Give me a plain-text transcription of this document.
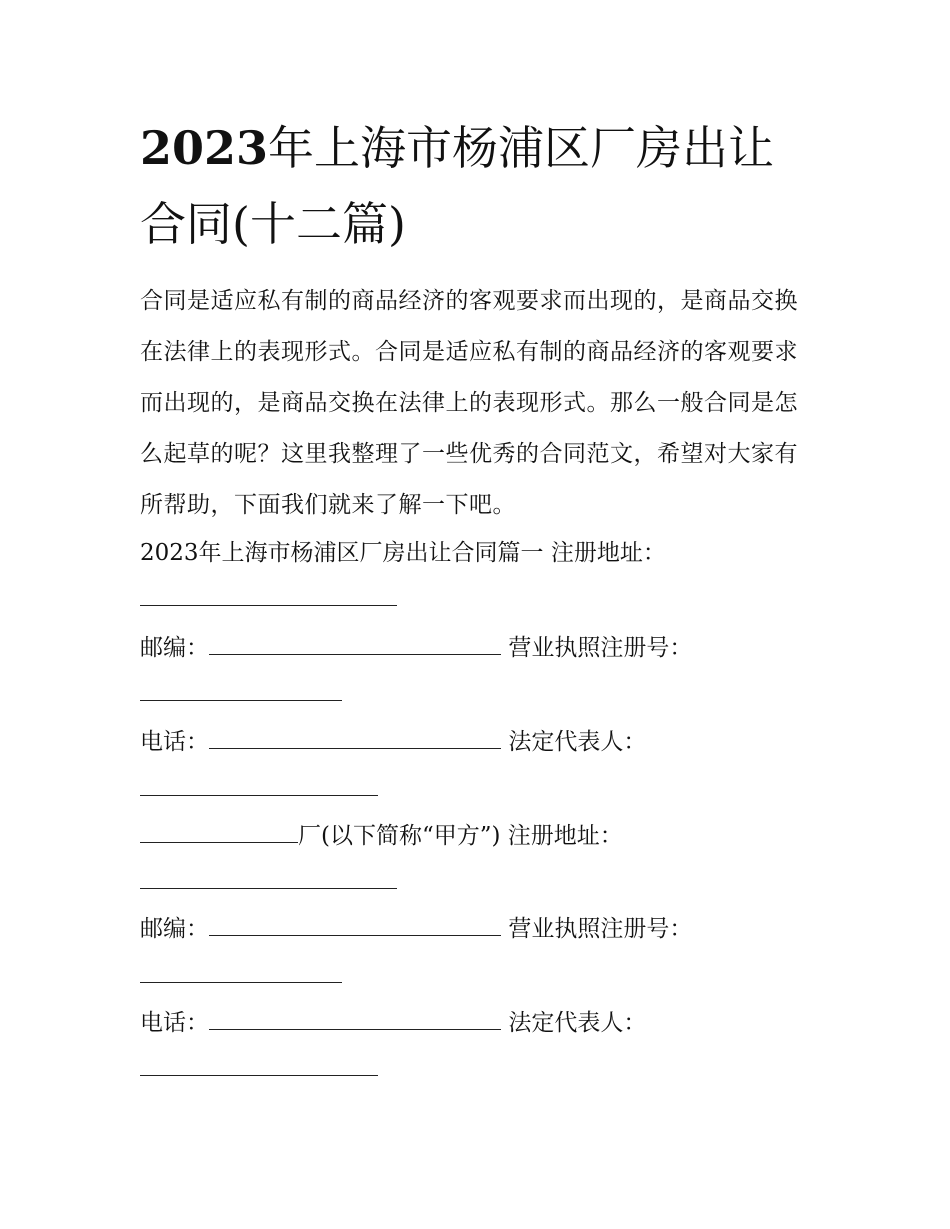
2023年上海市杨浦区厂房出让
合同(十二篇)

合同是适应私有制的商品经济的客观要求而出现的，是商品交换在法律上的表现形式。合同是适应私有制的商品经济的客观要求而出现的，是商品交换在法律上的表现形式。那么一般合同是怎么起草的呢？这里我整理了一些优秀的合同范文，希望对大家有所帮助，下面我们就来了解一下吧。

2023年上海市杨浦区厂房出让合同篇一 注册地址：
邮编：	营业执照注册号：
电话：	法定代表人：
厂(以下简称“甲方”) 注册地址：
邮编：	营业执照注册号：
电话：	法定代表人：
